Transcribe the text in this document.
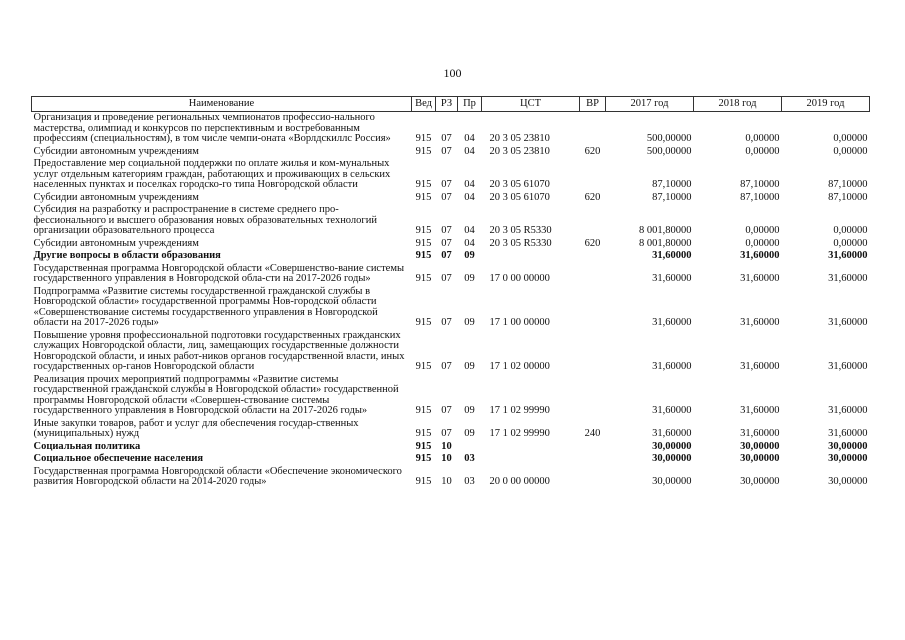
100
Наименование	Вед	РЗ	Пр	ЦСТ	ВР	2017 год	2018 год	2019 год
Организация и проведение региональных чемпионатов профессио-нального мастерства, олимпиад и конкурсов по перспективным и востребованным профессиям (специальностям), в том числе чемпи-оната «Ворлдскиллс Россия»	915	07	04	20 3 05 23810		500,00000	0,00000	0,00000
Субсидии автономным учреждениям	915	07	04	20 3 05 23810	620	500,00000	0,00000	0,00000
Предоставление мер социальной поддержки по оплате жилья и ком-мунальных услуг отдельным категориям граждан, работающих и проживающих в сельских населенных пунктах и поселках городско-го типа Новгородской области	915	07	04	20 3 05 61070		87,10000	87,10000	87,10000
Субсидии автономным учреждениям	915	07	04	20 3 05 61070	620	87,10000	87,10000	87,10000
Субсидия на разработку и распространение в системе среднего про-фессионального и высшего образования новых образовательных технологий организации образовательного процесса	915	07	04	20 3 05 R5330		8 001,80000	0,00000	0,00000
Субсидии автономным учреждениям	915	07	04	20 3 05 R5330	620	8 001,80000	0,00000	0,00000
Другие вопросы в области образования	915	07	09			31,60000	31,60000	31,60000
Государственная программа Новгородской области «Совершенство-вание системы государственного управления в Новгородской обла-сти на 2017-2026 годы»	915	07	09	17 0 00 00000		31,60000	31,60000	31,60000
Подпрограмма «Развитие системы государственной гражданской службы в Новгородской области» государственной программы Нов-городской области «Совершенствование системы государственного управления в Новгородской области на 2017-2026 годы»	915	07	09	17 1 00 00000		31,60000	31,60000	31,60000
Повышение уровня профессиональной подготовки государственных гражданских служащих Новгородской области, лиц, замещающих государственные должности Новгородской области, и иных работ-ников органов государственной власти, иных государственных ор-ганов Новгородской области	915	07	09	17 1 02 00000		31,60000	31,60000	31,60000
Реализация прочих мероприятий подпрограммы «Развитие системы государственной гражданской службы в Новгородской области» государственной программы Новгородской области «Совершен-ствование системы государственного управления в Новгородской области на 2017-2026 годы»	915	07	09	17 1 02 99990		31,60000	31,60000	31,60000
Иные закупки товаров, работ и услуг для обеспечения государ-ственных (муниципальных) нужд	915	07	09	17 1 02 99990	240	31,60000	31,60000	31,60000
Социальная политика	915	10				30,00000	30,00000	30,00000
Социальное обеспечение населения	915	10	03			30,00000	30,00000	30,00000
Государственная программа Новгородской области «Обеспечение экономического развития Новгородской области на 2014-2020 годы»	915	10	03	20 0 00 00000		30,00000	30,00000	30,00000
